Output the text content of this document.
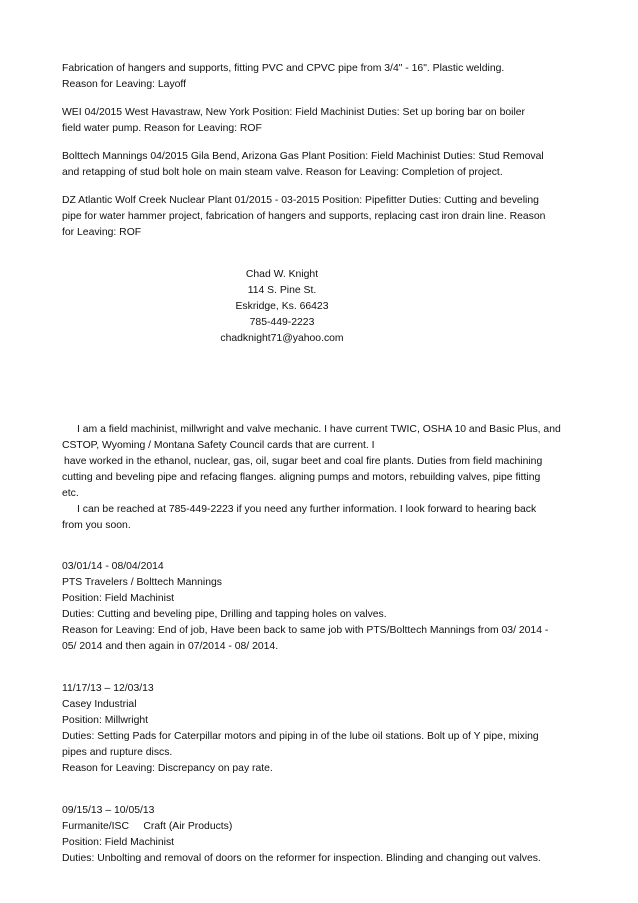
Fabrication of hangers and supports, fitting PVC and CPVC pipe from 3/4" - 16". Plastic welding.
Reason for Leaving: Layoff
WEI 04/2015 West Havastraw, New York Position: Field Machinist Duties: Set up boring bar on boiler
field water pump. Reason for Leaving: ROF
Bolttech Mannings 04/2015 Gila Bend, Arizona Gas Plant Position: Field Machinist Duties: Stud Removal
and retapping of stud bolt hole on main steam valve. Reason for Leaving: Completion of project.
DZ Atlantic Wolf Creek Nuclear Plant 01/2015 - 03-2015 Position: Pipefitter Duties: Cutting and beveling
pipe for water hammer project, fabrication of hangers and supports, replacing cast iron drain line. Reason
for Leaving: ROF
Chad W. Knight
114 S. Pine St.
Eskridge, Ks. 66423
785-449-2223
chadknight71@yahoo.com
I am a field machinist, millwright and valve mechanic. I have current TWIC, OSHA 10 and Basic Plus, and
CSTOP, Wyoming / Montana Safety Council cards that are current. I
have worked in the ethanol, nuclear, gas, oil, sugar beet and coal fire plants. Duties from field machining
cutting and beveling pipe and refacing flanges. aligning pumps and motors, rebuilding valves, pipe fitting
etc.
I can be reached at 785-449-2223 if you need any further information. I look forward to hearing back
from you soon.
03/01/14 - 08/04/2014
PTS Travelers / Bolttech Mannings
Position: Field Machinist
Duties: Cutting and beveling pipe, Drilling and tapping holes on valves.
Reason for Leaving: End of job, Have been back to same job with PTS/Bolttech Mannings from 03/ 2014 -
05/ 2014 and then again in 07/2014 - 08/ 2014.
11/17/13 – 12/03/13
Casey Industrial
Position: Millwright
Duties: Setting Pads for Caterpillar motors and piping in of the lube oil stations. Bolt up of Y pipe, mixing
pipes and rupture discs.
Reason for Leaving: Discrepancy on pay rate.
09/15/13 – 10/05/13
Furmanite/ISC     Craft (Air Products)
Position: Field Machinist
Duties: Unbolting and removal of doors on the reformer for inspection. Blinding and changing out valves.
